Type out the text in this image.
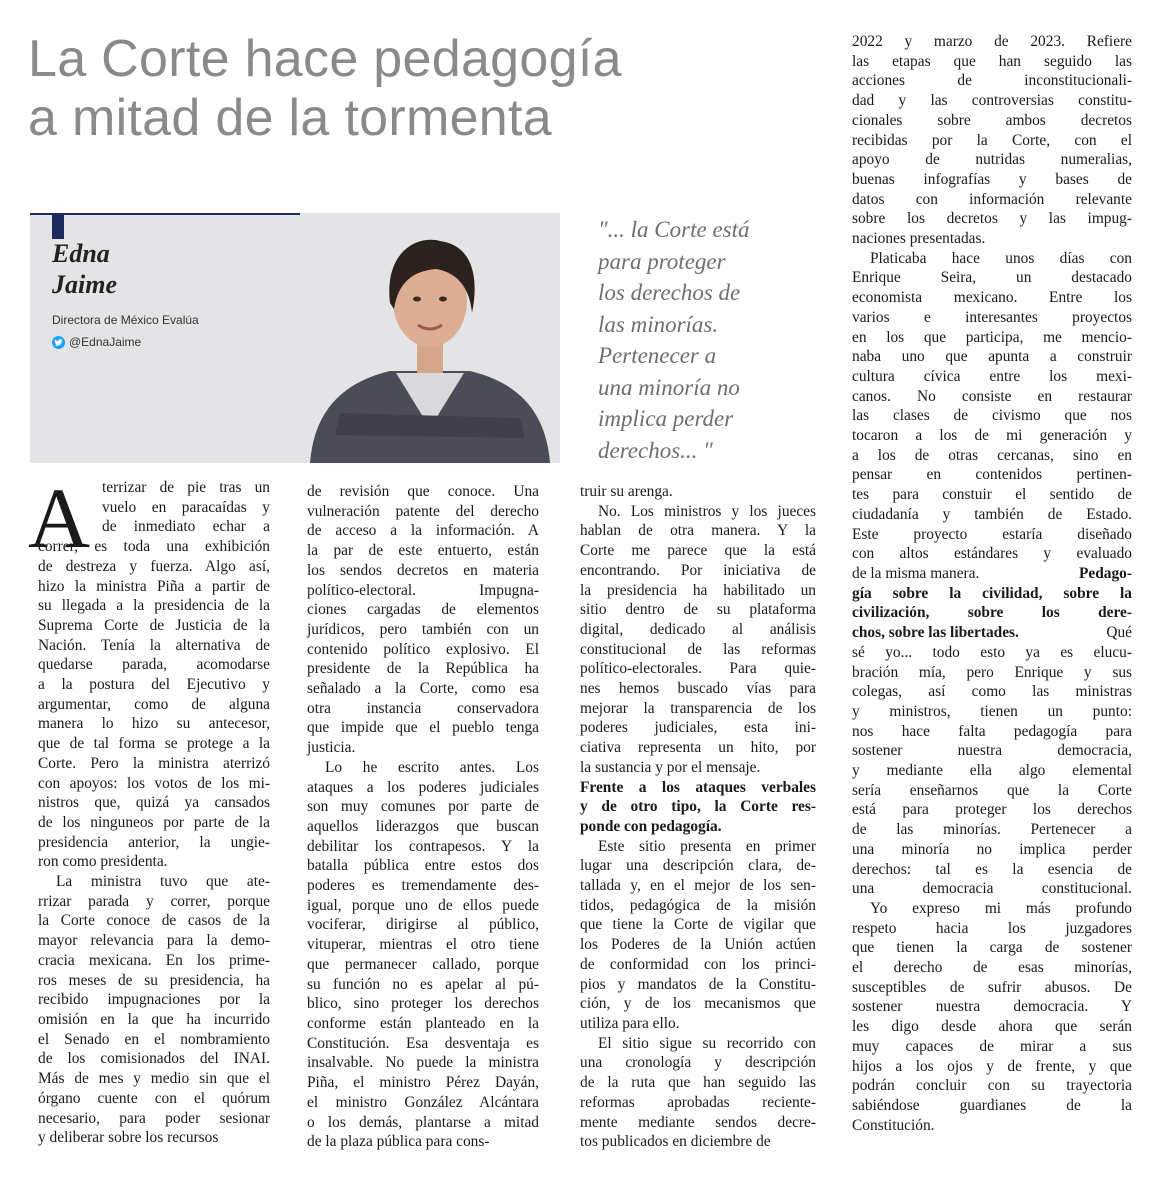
La Corte hace pedagogía
a mitad de la tormenta
Edna
Jaime
Directora de México Evalúa
@EdnaJaime
"... la Corte está
para proteger
los derechos de
las minorías.
Pertenecer a
una minoría no
implica perder
derechos... "
A terrizar de pie tras un
vuelo en paracaídas y
de inmediato echar a
correr, es toda una exhibición
de destreza y fuerza. Algo así,
hizo la ministra Piña a partir de
su llegada a la presidencia de la
Suprema Corte de Justicia de la
Nación. Tenía la alternativa de
quedarse parada, acomodarse
a la postura del Ejecutivo y
argumentar, como de alguna
manera lo hizo su antecesor,
que de tal forma se protege a la
Corte. Pero la ministra aterrizó
con apoyos: los votos de los mi-
nistros que, quizá ya cansados
de los ninguneos por parte de la
presidencia anterior, la ungie-
ron como presidenta.
La ministra tuvo que ate-
rrizar parada y correr, porque
la Corte conoce de casos de la
mayor relevancia para la demo-
cracia mexicana. En los prime-
ros meses de su presidencia, ha
recibido impugnaciones por la
omisión en la que ha incurrido
el Senado en el nombramiento
de los comisionados del INAI.
Más de mes y medio sin que el
órgano cuente con el quórum
necesario, para poder sesionar
y deliberar sobre los recursos
de revisión que conoce. Una
vulneración patente del derecho
de acceso a la información. A
la par de este entuerto, están
los sendos decretos en materia
político-electoral. Impugna-
ciones cargadas de elementos
jurídicos, pero también con un
contenido político explosivo. El
presidente de la República ha
señalado a la Corte, como esa
otra instancia conservadora
que impide que el pueblo tenga
justicia.
Lo he escrito antes. Los
ataques a los poderes judiciales
son muy comunes por parte de
aquellos liderazgos que buscan
debilitar los contrapesos. Y la
batalla pública entre estos dos
poderes es tremendamente des-
igual, porque uno de ellos puede
vociferar, dirigirse al público,
vituperar, mientras el otro tiene
que permanecer callado, porque
su función no es apelar al pú-
blico, sino proteger los derechos
conforme están planteado en la
Constitución. Esa desventaja es
insalvable. No puede la ministra
Piña, el ministro Pérez Dayán,
el ministro González Alcántara
o los demás, plantarse a mitad
de la plaza pública para cons-
truir su arenga.
No. Los ministros y los jueces
hablan de otra manera. Y la
Corte me parece que la está
encontrando. Por iniciativa de
la presidencia ha habilitado un
sitio dentro de su plataforma
digital, dedicado al análisis
constitucional de las reformas
político-electorales. Para quie-
nes hemos buscado vías para
mejorar la transparencia de los
poderes judiciales, esta ini-
ciativa representa un hito, por
la sustancia y por el mensaje.
Frente a los ataques verbales
y de otro tipo, la Corte res-
ponde con pedagogía.
Este sitio presenta en primer
lugar una descripción clara, de-
tallada y, en el mejor de los sen-
tidos, pedagógica de la misión
que tiene la Corte de vigilar que
los Poderes de la Unión actúen
de conformidad con los princi-
pios y mandatos de la Constitu-
ción, y de los mecanismos que
utiliza para ello.
El sitio sigue su recorrido con
una cronología y descripción
de la ruta que han seguido las
reformas aprobadas reciente-
mente mediante sendos decre-
tos publicados en diciembre de
2022 y marzo de 2023. Refiere
las etapas que han seguido las
acciones de inconstitucionali-
dad y las controversias constitu-
cionales sobre ambos decretos
recibidas por la Corte, con el
apoyo de nutridas numeralias,
buenas infografías y bases de
datos con información relevante
sobre los decretos y las impug-
naciones presentadas.
Platicaba hace unos días con
Enrique Seira, un destacado
economista mexicano. Entre los
varios e interesantes proyectos
en los que participa, me mencio-
naba uno que apunta a construir
cultura cívica entre los mexi-
canos. No consiste en restaurar
las clases de civismo que nos
tocaron a los de mi generación y
a los de otras cercanas, sino en
pensar en contenidos pertinen-
tes para constuir el sentido de
ciudadanía y también de Estado.
Este proyecto estaría diseñado
con altos estándares y evaluado
de la misma manera.	Pedago-
gía sobre la civilidad, sobre la
civilización, sobre los dere-
chos, sobre las libertades.	Qué
sé yo... todo esto ya es elucu-
bración mía, pero Enrique y sus
colegas, así como las ministras
y ministros, tienen un punto:
nos hace falta pedagogía para
sostener nuestra democracia,
y mediante ella algo elemental
sería enseñarnos que la Corte
está para proteger los derechos
de las minorías. Pertenecer a
una minoría no implica perder
derechos: tal es la esencia de
una democracia constitucional.
Yo expreso mi más profundo
respeto hacia los juzgadores
que tienen la carga de sostener
el derecho de esas minorías,
susceptibles de sufrir abusos. De
sostener nuestra democracia. Y
les digo desde ahora que serán
muy capaces de mirar a sus
hijos a los ojos y de frente, y que
podrán concluir con su trayectoria
sabiéndose guardianes de la
Constitución.
